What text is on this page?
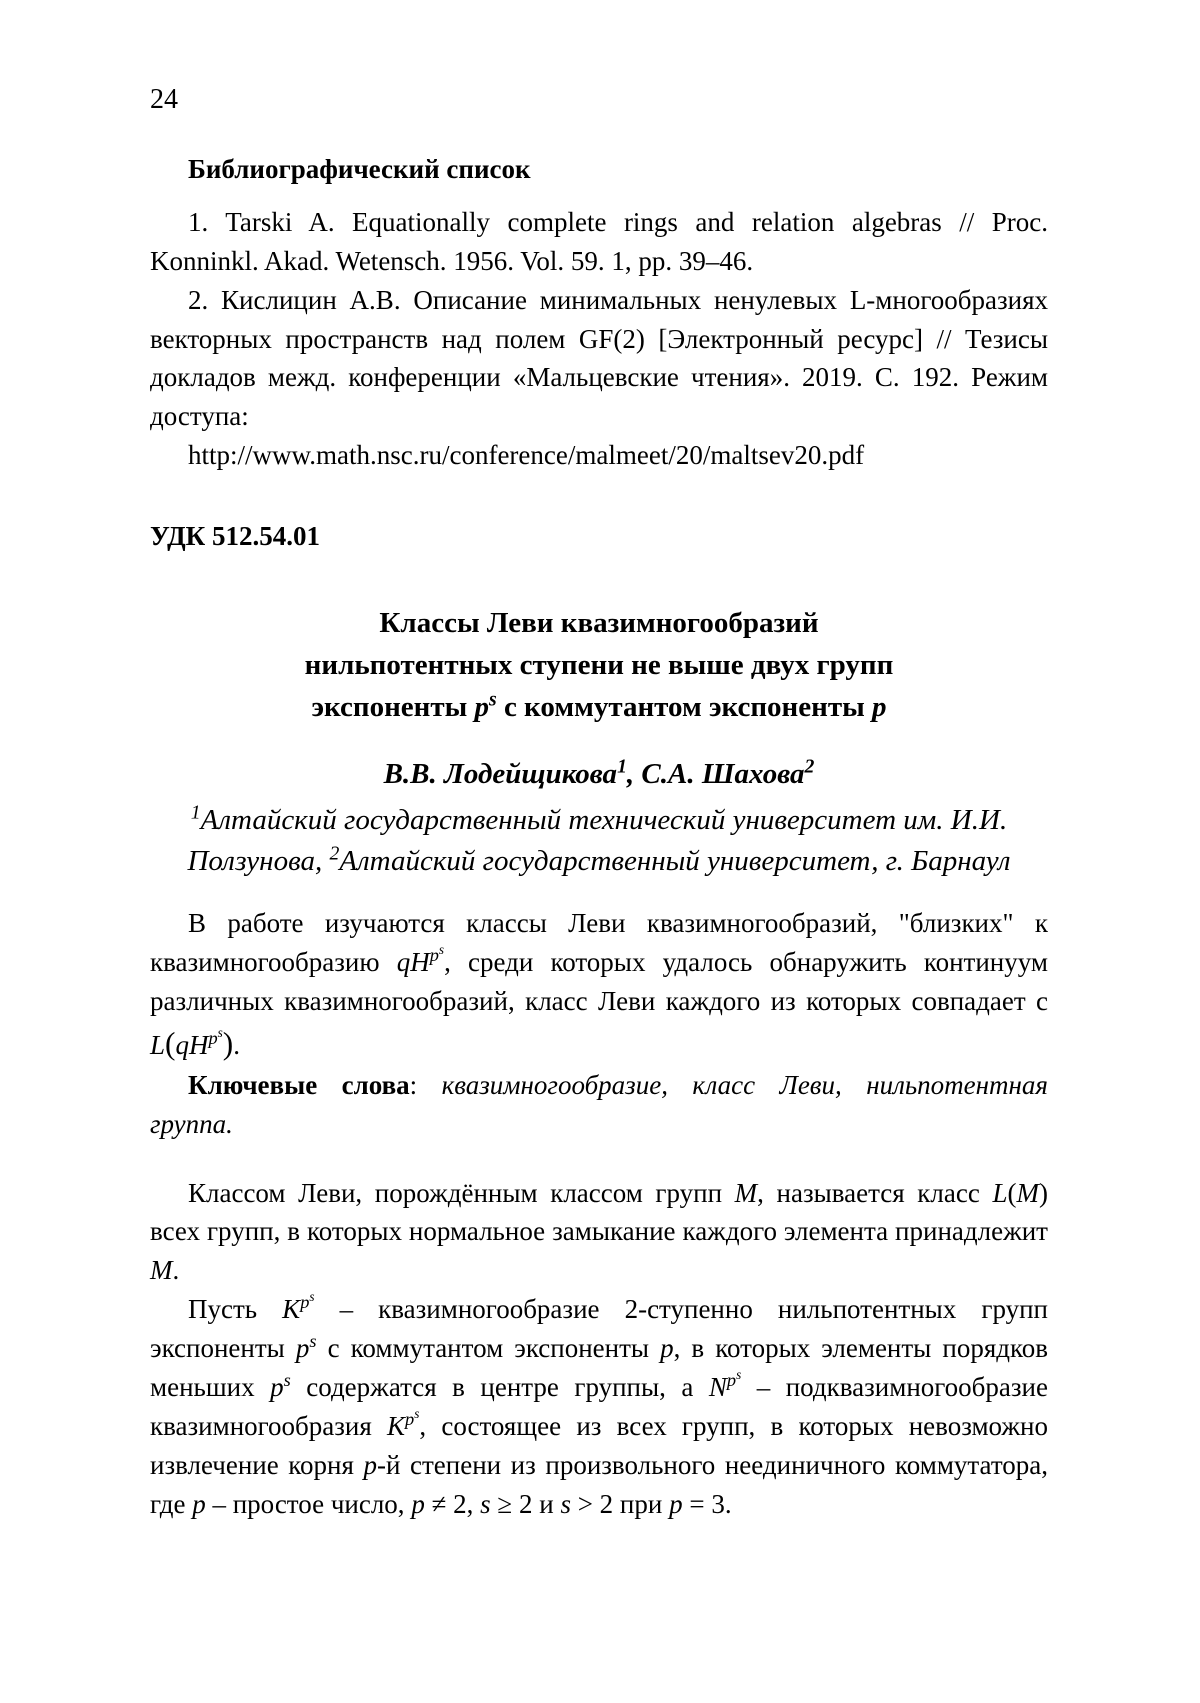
24

Библиографический список

1. Tarski A. Equationally complete rings and relation algebras // Proc. Konninkl. Akad. Wetensch. 1956. Vol. 59. 1, pp. 39–46.

2. Кислицин А.В. Описание минимальных ненулевых L-многообразиях векторных пространств над полем GF(2) [Электронный ресурс] // Тезисы докладов межд. конференции «Мальцевские чтения». 2019. С. 192. Режим доступа:

http://www.math.nsc.ru/conference/malmeet/20/maltsev20.pdf

УДК 512.54.01

Классы Леви квазимногообразий
нильпотентных ступени не выше двух групп
экспоненты $p^s$ с коммутантом экспоненты p

В.В. Лодейщикова$^1$, С.А. Шахова$^2$

$^1$Алтайский государственный технический университет им. И.И. Ползунова, $^2$Алтайский государственный университет, г. Барнаул

В работе изучаются классы Леви квазимногообразий, "близких" к квазимногообразию $qH^{p^s}$, среди которых удалось обнаружить континуум различных квазимногообразий, класс Леви каждого из которых совпадает с $L(qH^{p^s})$.

Ключевые слова: квазимногообразие, класс Леви, нильпотентная группа.

Классом Леви, порождённым классом групп M, называется класс L(M) всех групп, в которых нормальное замыкание каждого элемента принадлежит M.

Пусть $K^{p^s}$ – квазимногообразие 2-ступенно нильпотентных групп экспоненты $p^s$ с коммутантом экспоненты p, в которых элементы порядков меньших $p^s$ содержатся в центре группы, а $N^{p^s}$ – подквазимногообразие квазимногообразия $K^{p^s}$, состоящее из всех групп, в которых невозможно извлечение корня p-й степени из произвольного неединичного коммутатора, где p – простое число, p ≠ 2, s ≥ 2 и s > 2 при p = 3.
